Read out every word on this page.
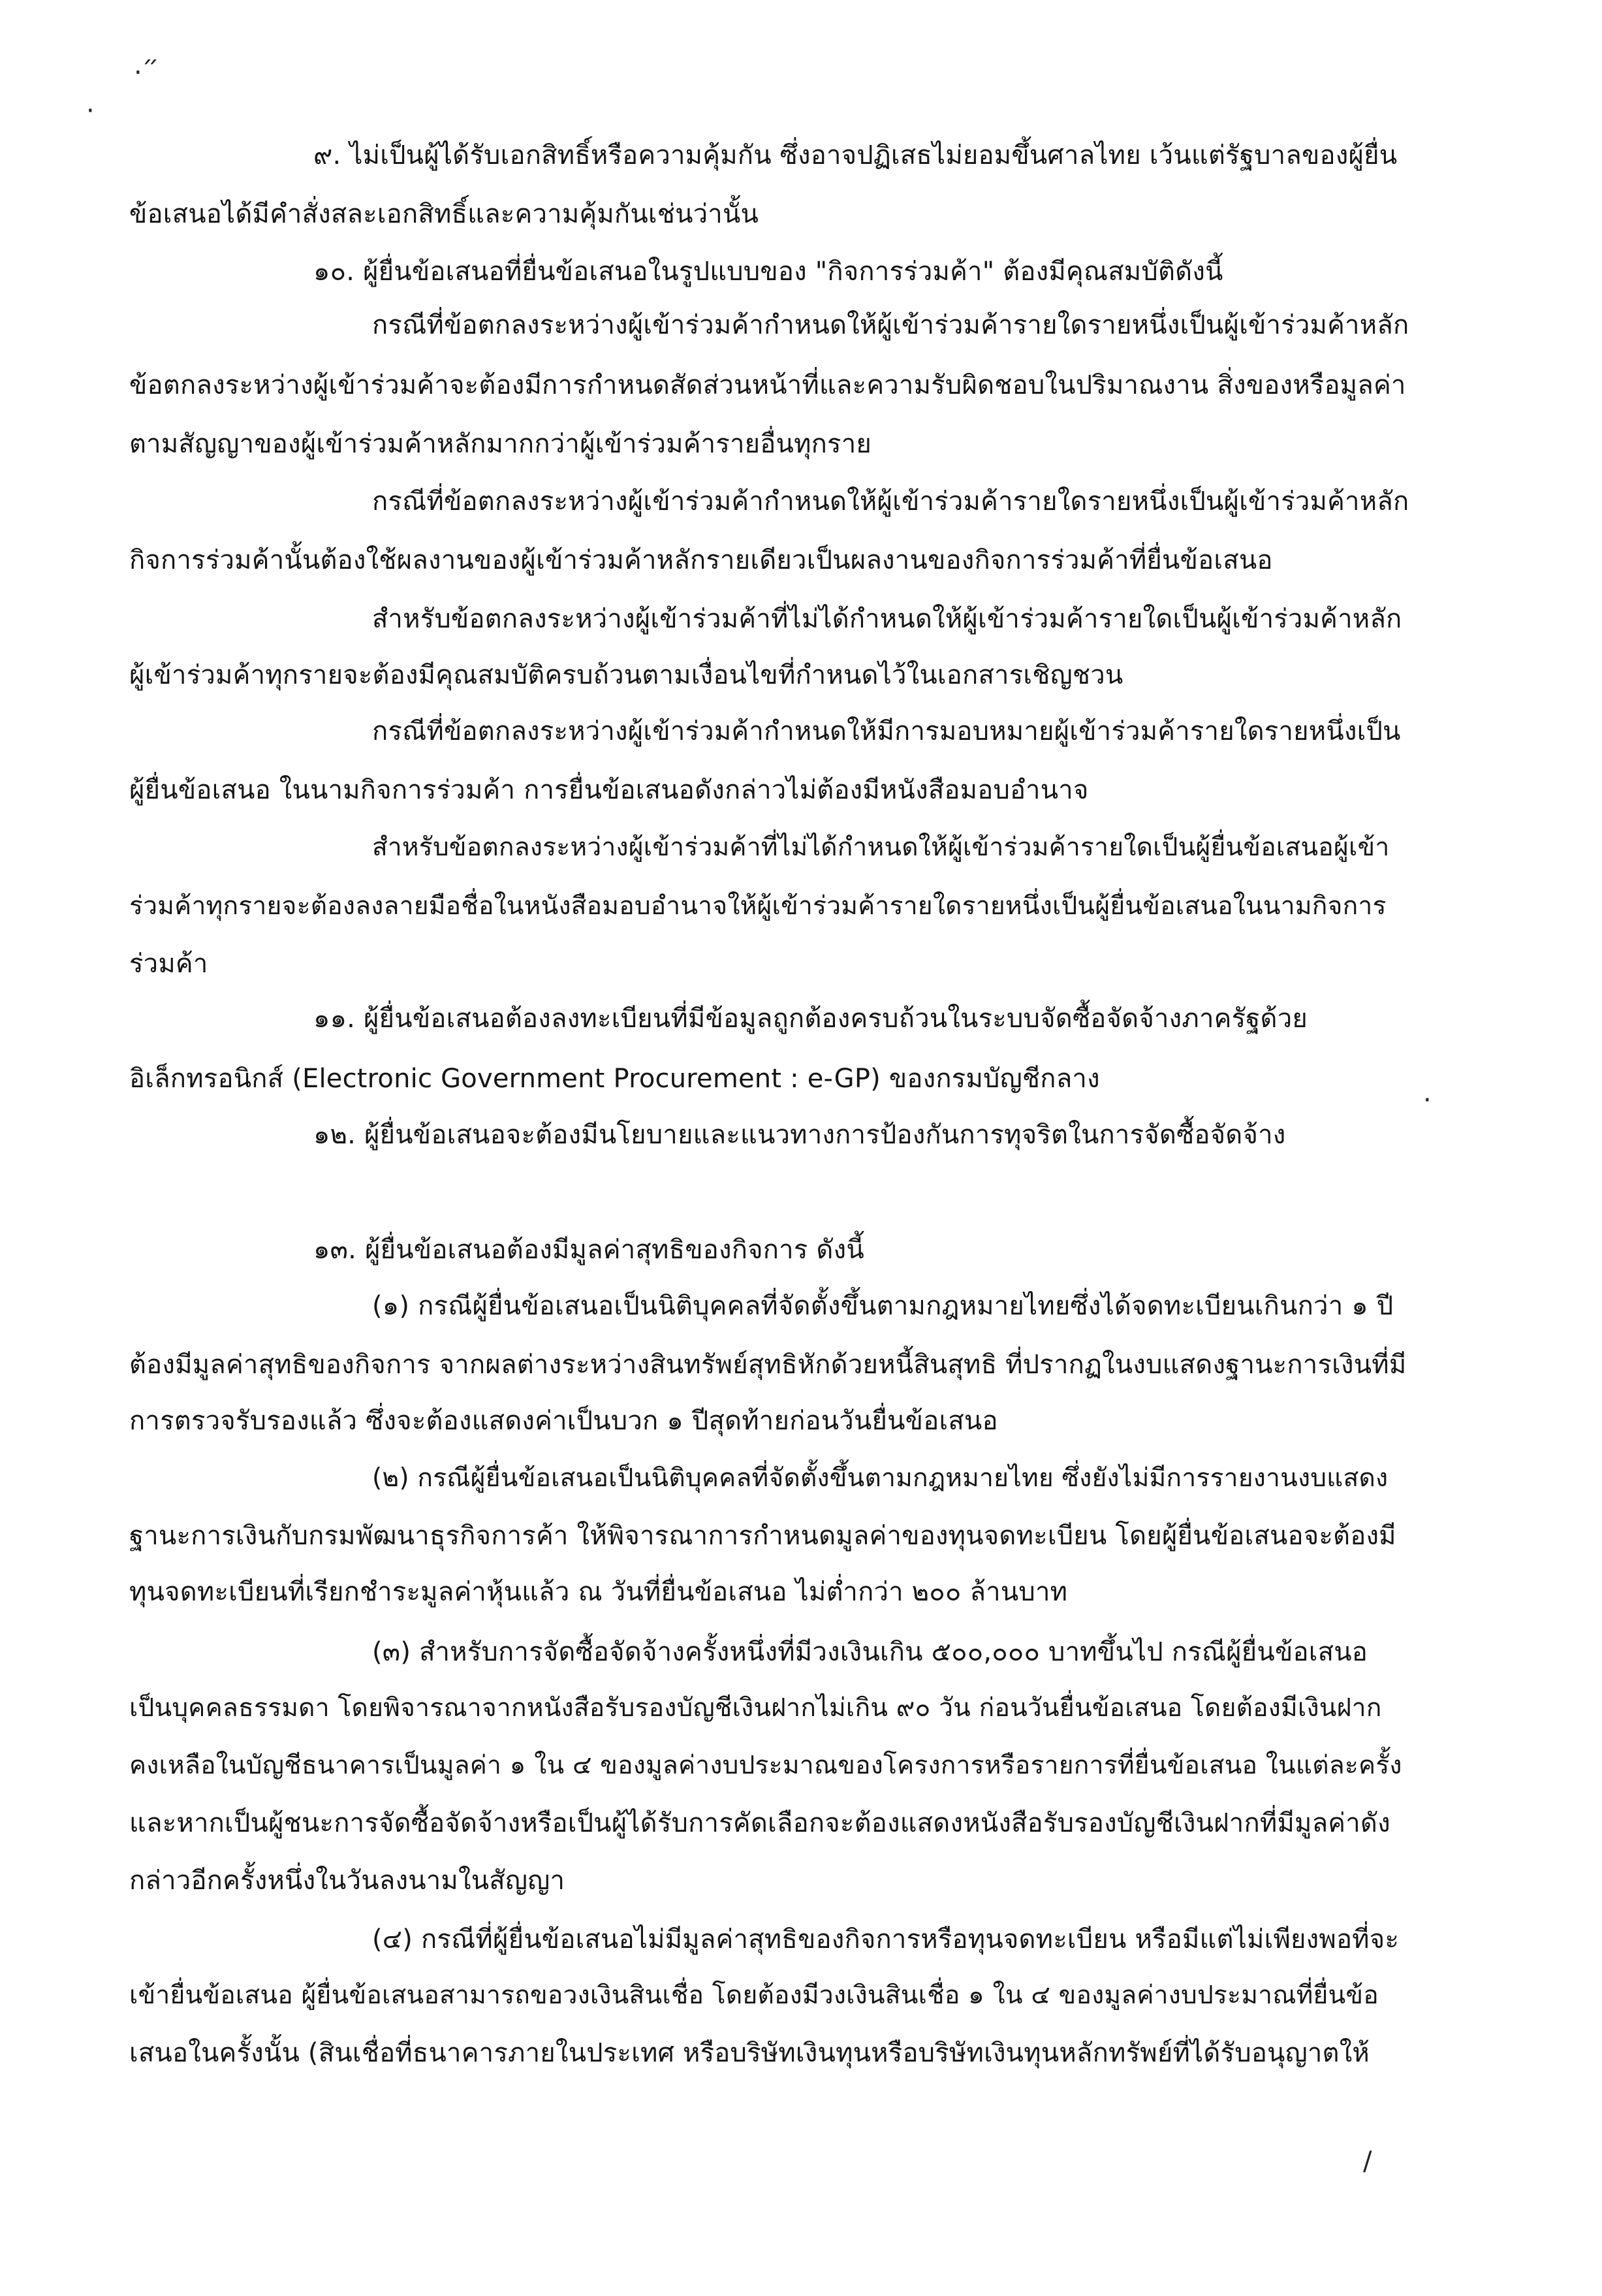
.״
·
·
/

๙. ไม่เป็นผู้ได้รับเอกสิทธิ์หรือความคุ้มกัน ซึ่งอาจปฏิเสธไม่ยอมขึ้นศาลไทย เว้นแต่รัฐบาลของผู้ยื่น

ข้อเสนอได้มีคำสั่งสละเอกสิทธิ์และความคุ้มกันเช่นว่านั้น

๑๐. ผู้ยื่นข้อเสนอที่ยื่นข้อเสนอในรูปแบบของ "กิจการร่วมค้า" ต้องมีคุณสมบัติดังนี้

กรณีที่ข้อตกลงระหว่างผู้เข้าร่วมค้ากำหนดให้ผู้เข้าร่วมค้ารายใดรายหนึ่งเป็นผู้เข้าร่วมค้าหลัก

ข้อตกลงระหว่างผู้เข้าร่วมค้าจะต้องมีการกำหนดสัดส่วนหน้าที่และความรับผิดชอบในปริมาณงาน สิ่งของหรือมูลค่า

ตามสัญญาของผู้เข้าร่วมค้าหลักมากกว่าผู้เข้าร่วมค้ารายอื่นทุกราย

กรณีที่ข้อตกลงระหว่างผู้เข้าร่วมค้ากำหนดให้ผู้เข้าร่วมค้ารายใดรายหนึ่งเป็นผู้เข้าร่วมค้าหลัก

กิจการร่วมค้านั้นต้องใช้ผลงานของผู้เข้าร่วมค้าหลักรายเดียวเป็นผลงานของกิจการร่วมค้าที่ยื่นข้อเสนอ

สำหรับข้อตกลงระหว่างผู้เข้าร่วมค้าที่ไม่ได้กำหนดให้ผู้เข้าร่วมค้ารายใดเป็นผู้เข้าร่วมค้าหลัก

ผู้เข้าร่วมค้าทุกรายจะต้องมีคุณสมบัติครบถ้วนตามเงื่อนไขที่กำหนดไว้ในเอกสารเชิญชวน

กรณีที่ข้อตกลงระหว่างผู้เข้าร่วมค้ากำหนดให้มีการมอบหมายผู้เข้าร่วมค้ารายใดรายหนึ่งเป็น

ผู้ยื่นข้อเสนอ ในนามกิจการร่วมค้า การยื่นข้อเสนอดังกล่าวไม่ต้องมีหนังสือมอบอำนาจ

สำหรับข้อตกลงระหว่างผู้เข้าร่วมค้าที่ไม่ได้กำหนดให้ผู้เข้าร่วมค้ารายใดเป็นผู้ยื่นข้อเสนอผู้เข้า

ร่วมค้าทุกรายจะต้องลงลายมือชื่อในหนังสือมอบอำนาจให้ผู้เข้าร่วมค้ารายใดรายหนึ่งเป็นผู้ยื่นข้อเสนอในนามกิจการ

ร่วมค้า

๑๑. ผู้ยื่นข้อเสนอต้องลงทะเบียนที่มีข้อมูลถูกต้องครบถ้วนในระบบจัดซื้อจัดจ้างภาครัฐด้วย

อิเล็กทรอนิกส์ (Electronic Government Procurement : e-GP) ของกรมบัญชีกลาง

๑๒. ผู้ยื่นข้อเสนอจะต้องมีนโยบายและแนวทางการป้องกันการทุจริตในการจัดซื้อจัดจ้าง

๑๓. ผู้ยื่นข้อเสนอต้องมีมูลค่าสุทธิของกิจการ ดังนี้

(๑) กรณีผู้ยื่นข้อเสนอเป็นนิติบุคคลที่จัดตั้งขึ้นตามกฎหมายไทยซึ่งได้จดทะเบียนเกินกว่า ๑ ปี

ต้องมีมูลค่าสุทธิของกิจการ จากผลต่างระหว่างสินทรัพย์สุทธิหักด้วยหนี้สินสุทธิ ที่ปรากฏในงบแสดงฐานะการเงินที่มี

การตรวจรับรองแล้ว ซึ่งจะต้องแสดงค่าเป็นบวก ๑ ปีสุดท้ายก่อนวันยื่นข้อเสนอ

(๒) กรณีผู้ยื่นข้อเสนอเป็นนิติบุคคลที่จัดตั้งขึ้นตามกฎหมายไทย ซึ่งยังไม่มีการรายงานงบแสดง

ฐานะการเงินกับกรมพัฒนาธุรกิจการค้า ให้พิจารณาการกำหนดมูลค่าของทุนจดทะเบียน โดยผู้ยื่นข้อเสนอจะต้องมี

ทุนจดทะเบียนที่เรียกชำระมูลค่าหุ้นแล้ว ณ วันที่ยื่นข้อเสนอ ไม่ต่ำกว่า ๒๐๐ ล้านบาท

(๓) สำหรับการจัดซื้อจัดจ้างครั้งหนึ่งที่มีวงเงินเกิน ๕๐๐,๐๐๐ บาทขึ้นไป กรณีผู้ยื่นข้อเสนอ

เป็นบุคคลธรรมดา โดยพิจารณาจากหนังสือรับรองบัญชีเงินฝากไม่เกิน ๙๐ วัน ก่อนวันยื่นข้อเสนอ โดยต้องมีเงินฝาก

คงเหลือในบัญชีธนาคารเป็นมูลค่า ๑ ใน ๔ ของมูลค่างบประมาณของโครงการหรือรายการที่ยื่นข้อเสนอ ในแต่ละครั้ง

และหากเป็นผู้ชนะการจัดซื้อจัดจ้างหรือเป็นผู้ได้รับการคัดเลือกจะต้องแสดงหนังสือรับรองบัญชีเงินฝากที่มีมูลค่าดัง

กล่าวอีกครั้งหนึ่งในวันลงนามในสัญญา

(๔) กรณีที่ผู้ยื่นข้อเสนอไม่มีมูลค่าสุทธิของกิจการหรือทุนจดทะเบียน หรือมีแต่ไม่เพียงพอที่จะ

เข้ายื่นข้อเสนอ ผู้ยื่นข้อเสนอสามารถขอวงเงินสินเชื่อ โดยต้องมีวงเงินสินเชื่อ ๑ ใน ๔ ของมูลค่างบประมาณที่ยื่นข้อ

เสนอในครั้งนั้น (สินเชื่อที่ธนาคารภายในประเทศ หรือบริษัทเงินทุนหรือบริษัทเงินทุนหลักทรัพย์ที่ได้รับอนุญาตให้
